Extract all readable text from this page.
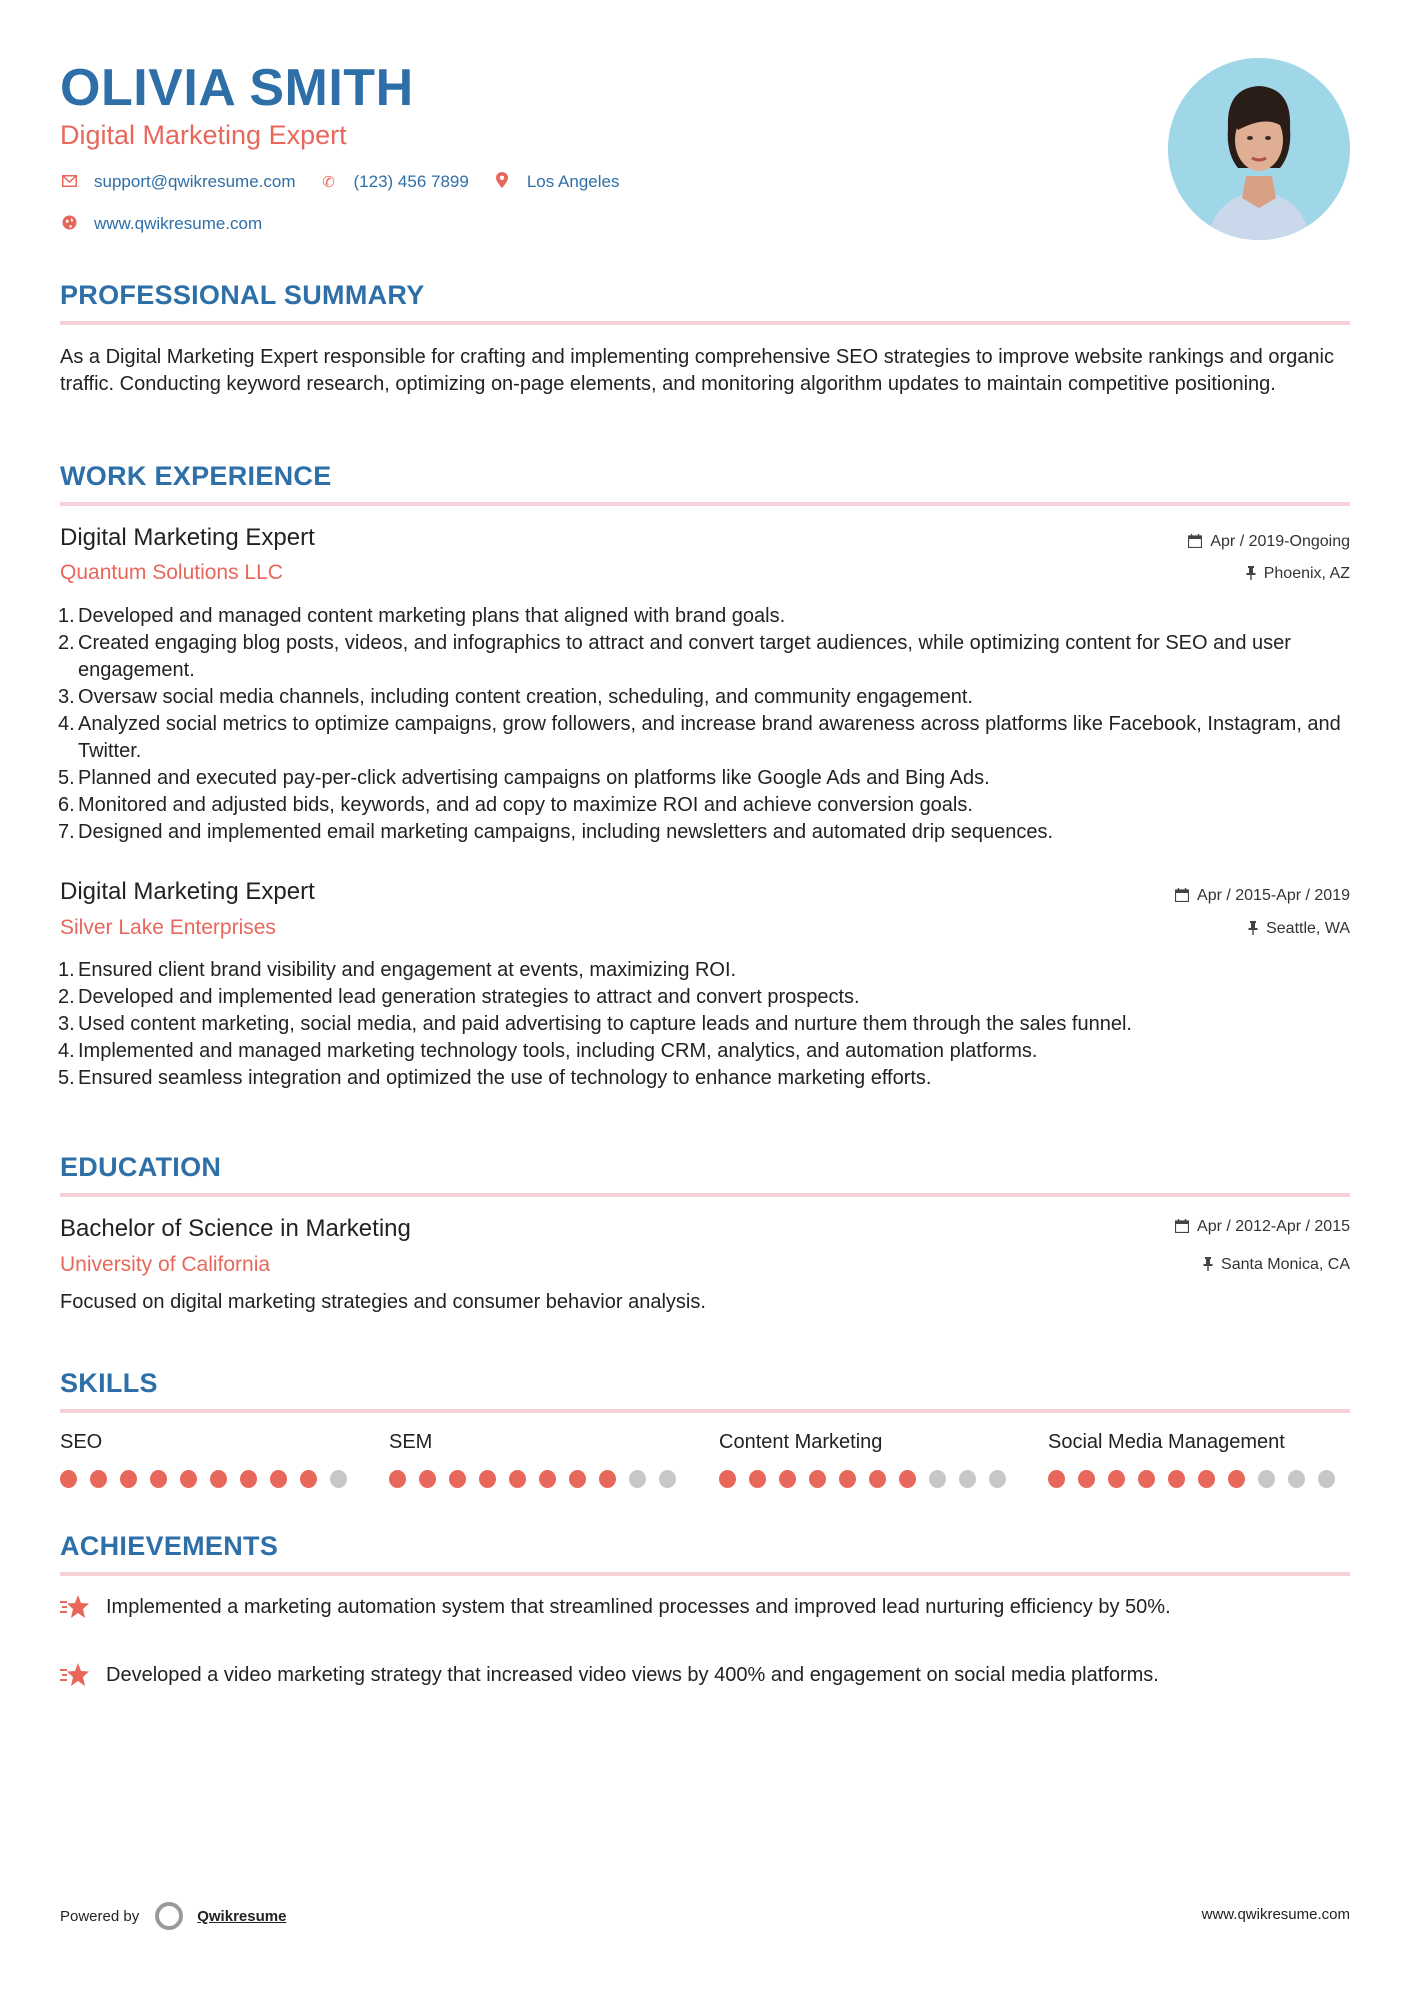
OLIVIA SMITH
Digital Marketing Expert
support@qwikresume.com ✆ (123) 456 7899	Los Angeles
www.qwikresume.com
PROFESSIONAL SUMMARY
As a Digital Marketing Expert responsible for crafting and implementing comprehensive SEO strategies to improve website rankings and organic traffic. Conducting keyword research, optimizing on-page elements, and monitoring algorithm updates to maintain competitive positioning.
WORK EXPERIENCE
Digital Marketing Expert	Apr / 2019-Ongoing
Quantum Solutions LLC	Phoenix, AZ
Developed and managed content marketing plans that aligned with brand goals.
Created engaging blog posts, videos, and infographics to attract and convert target audiences, while optimizing content for SEO and user engagement.
Oversaw social media channels, including content creation, scheduling, and community engagement.
Analyzed social metrics to optimize campaigns, grow followers, and increase brand awareness across platforms like Facebook, Instagram, and Twitter.
Planned and executed pay-per-click advertising campaigns on platforms like Google Ads and Bing Ads.
Monitored and adjusted bids, keywords, and ad copy to maximize ROI and achieve conversion goals.
Designed and implemented email marketing campaigns, including newsletters and automated drip sequences.
Digital Marketing Expert	Apr / 2015-Apr / 2019
Silver Lake Enterprises	Seattle, WA
Ensured client brand visibility and engagement at events, maximizing ROI.
Developed and implemented lead generation strategies to attract and convert prospects.
Used content marketing, social media, and paid advertising to capture leads and nurture them through the sales funnel.
Implemented and managed marketing technology tools, including CRM, analytics, and automation platforms.
Ensured seamless integration and optimized the use of technology to enhance marketing efforts.
EDUCATION
Bachelor of Science in Marketing	Apr / 2012-Apr / 2015
University of California	Santa Monica, CA
Focused on digital marketing strategies and consumer behavior analysis.
SKILLS
SEO	SEM	Content Marketing	Social Media Management
ACHIEVEMENTS
Implemented a marketing automation system that streamlined processes and improved lead nurturing efficiency by 50%.
Developed a video marketing strategy that increased video views by 400% and engagement on social media platforms.
Powered by	Qwikresume	www.qwikresume.com
